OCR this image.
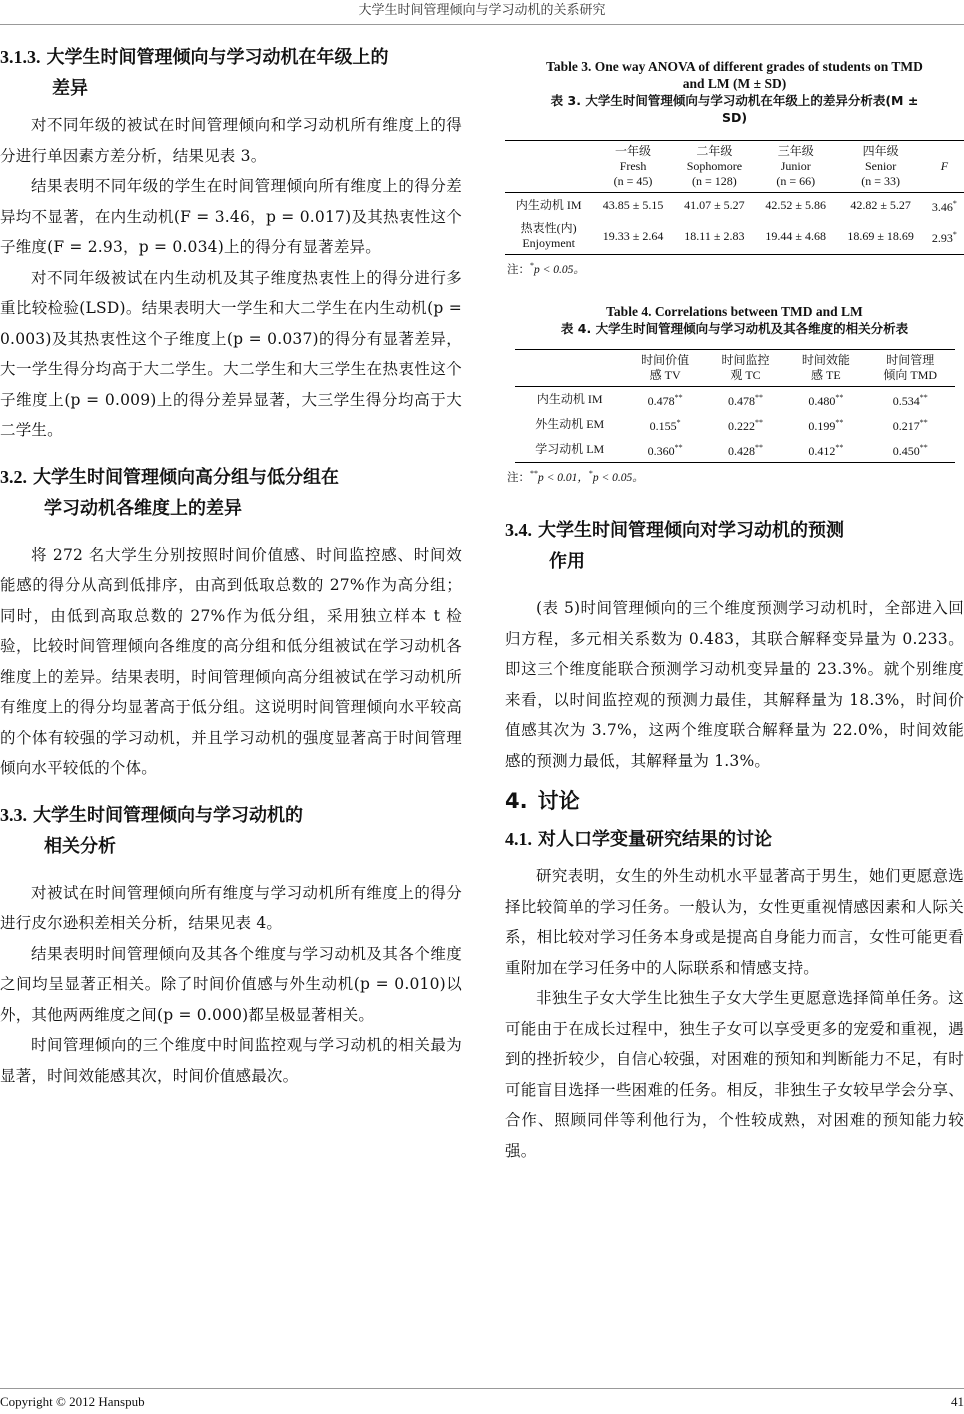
大学生时间管理倾向与学习动机的关系研究
3.1.3. 大学生时间管理倾向与学习动机在年级上的
差异

对不同年级的被试在时间管理倾向和学习动机所有维度上的得分进行单因素方差分析，结果见表 3。

结果表明不同年级的学生在时间管理倾向所有维度上的得分差异均不显著，在内生动机(F = 3.46，p = 0.017)及其热衷性这个子维度(F = 2.93，p = 0.034)上的得分有显著差异。

对不同年级被试在内生动机及其子维度热衷性上的得分进行多重比较检验(LSD)。结果表明大一学生和大二学生在内生动机(p = 0.003)及其热衷性这个子维度上(p = 0.037)的得分有显著差异，大一学生得分均高于大二学生。大二学生和大三学生在热衷性这个子维度上(p = 0.009)上的得分差异显著，大三学生得分均高于大二学生。

3.2. 大学生时间管理倾向高分组与低分组在
学习动机各维度上的差异

将 272 名大学生分别按照时间价值感、时间监控感、时间效能感的得分从高到低排序，由高到低取总数的 27%作为高分组；同时，由低到高取总数的 27%作为低分组，采用独立样本 t 检验，比较时间管理倾向各维度的高分组和低分组被试在学习动机各维度上的差异。结果表明，时间管理倾向高分组被试在学习动机所有维度上的得分均显著高于低分组。这说明时间管理倾向水平较高的个体有较强的学习动机，并且学习动机的强度显著高于时间管理倾向水平较低的个体。

3.3. 大学生时间管理倾向与学习动机的
相关分析

对被试在时间管理倾向所有维度与学习动机所有维度上的得分进行皮尔逊积差相关分析，结果见表 4。

结果表明时间管理倾向及其各个维度与学习动机及其各个维度之间均呈显著正相关。除了时间价值感与外生动机(p = 0.010)以外，其他两两维度之间(p = 0.000)都呈极显著相关。

时间管理倾向的三个维度中时间监控观与学习动机的相关最为显著，时间效能感其次，时间价值感最次。

Table 3. One way ANOVA of different grades of students on TMD

and LM (M ± SD)

表 3. 大学生时间管理倾向与学习动机在年级上的差异分析表(M ±

SD)

	一年级
Fresh
(n = 45)	二年级
Sophomore
(n = 128)	三年级
Junior
(n = 66)	四年级
Senior
(n = 33)	F
内生动机 IM	43.85 ± 5.15	41.07 ± 5.27	42.52 ± 5.86	42.82 ± 5.27	3.46*
热衷性(内)
Enjoyment	19.33 ± 2.64	18.11 ± 2.83	19.44 ± 4.68	18.69 ± 18.69	2.93*

注：*p < 0.05。

Table 4. Correlations between TMD and LM

表 4. 大学生时间管理倾向与学习动机及其各维度的相关分析表

	时间价值
感 TV	时间监控
观 TC	时间效能
感 TE	时间管理
倾向 TMD
内生动机 IM	0.478**	0.478**	0.480**	0.534**
外生动机 EM	0.155*	0.222**	0.199**	0.217**
学习动机 LM	0.360**	0.428**	0.412**	0.450**

注：**p < 0.01，*p < 0.05。

3.4. 大学生时间管理倾向对学习动机的预测
作用

(表 5)时间管理倾向的三个维度预测学习动机时，全部进入回归方程，多元相关系数为 0.483，其联合解释变异量为 0.233。即这三个维度能联合预测学习动机变异量的 23.3%。就个别维度来看，以时间监控观的预测力最佳，其解释量为 18.3%，时间价值感其次为 3.7%，这两个维度联合解释量为 22.0%，时间效能感的预测力最低，其解释量为 1.3%。

4. 讨论
4.1. 对人口学变量研究结果的讨论

研究表明，女生的外生动机水平显著高于男生，她们更愿意选择比较简单的学习任务。一般认为，女性更重视情感因素和人际关系，相比较对学习任务本身或是提高自身能力而言，女性可能更看重附加在学习任务中的人际联系和情感支持。

非独生子女大学生比独生子女大学生更愿意选择简单任务。这可能由于在成长过程中，独生子女可以享受更多的宠爱和重视，遇到的挫折较少，自信心较强，对困难的预知和判断能力不足，有时可能盲目选择一些困难的任务。相反，非独生子女较早学会分享、合作、照顾同伴等利他行为，个性较成熟，对困难的预知能力较强。

Copyright © 2012 Hanspub	41
